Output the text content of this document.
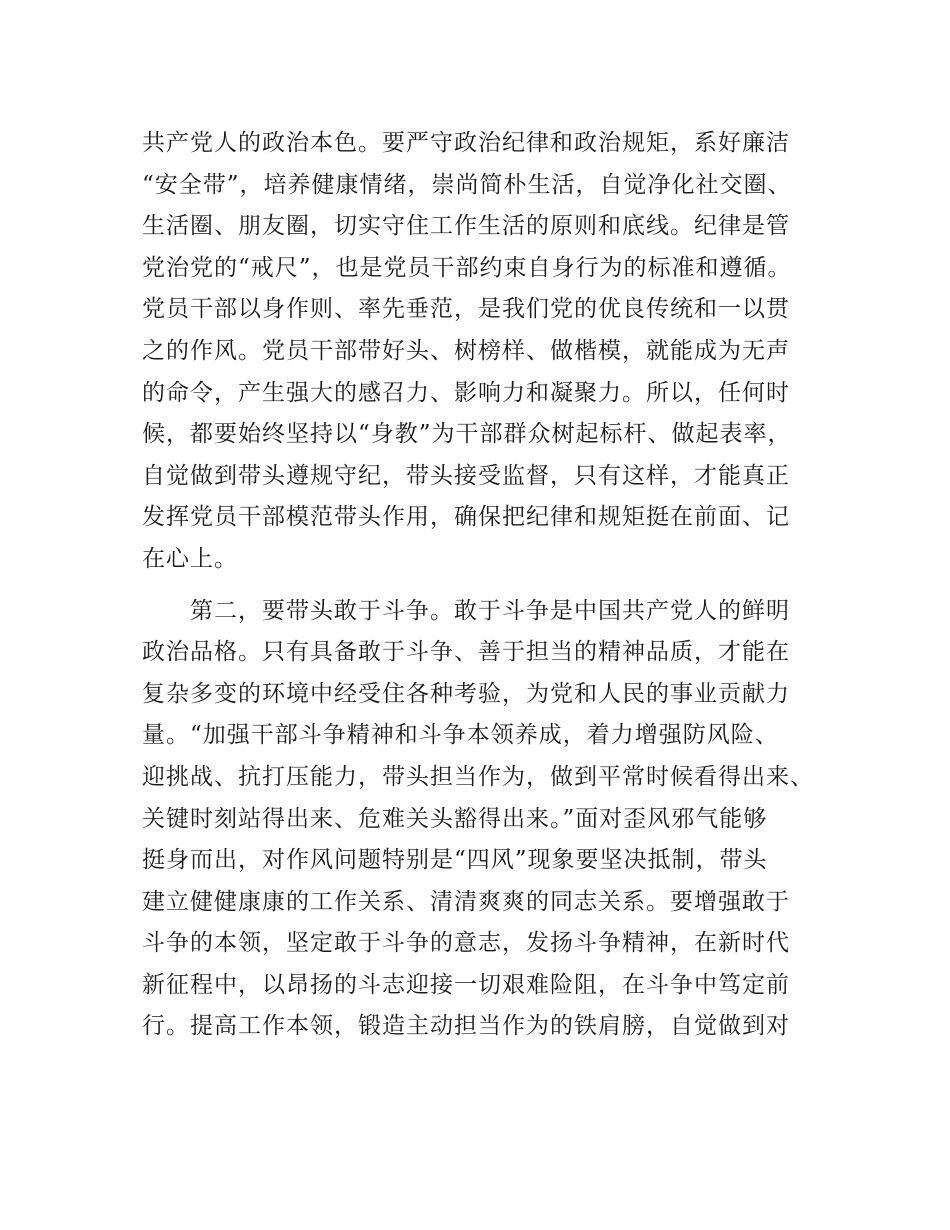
共产党人的政治本色。要严守政治纪律和政治规矩，系好廉洁
“安全带”，培养健康情绪，崇尚简朴生活，自觉净化社交圈、
生活圈、朋友圈，切实守住工作生活的原则和底线。纪律是管
党治党的“戒尺”，也是党员干部约束自身行为的标准和遵循。
党员干部以身作则、率先垂范，是我们党的优良传统和一以贯
之的作风。党员干部带好头、树榜样、做楷模，就能成为无声
的命令，产生强大的感召力、影响力和凝聚力。所以，任何时
候，都要始终坚持以“身教”为干部群众树起标杆、做起表率，
自觉做到带头遵规守纪，带头接受监督，只有这样，才能真正
发挥党员干部模范带头作用，确保把纪律和规矩挺在前面、记
在心上。
第二，要带头敢于斗争。敢于斗争是中国共产党人的鲜明
政治品格。只有具备敢于斗争、善于担当的精神品质，才能在
复杂多变的环境中经受住各种考验，为党和人民的事业贡献力
量。“加强干部斗争精神和斗争本领养成，着力增强防风险、
迎挑战、抗打压能力，带头担当作为，做到平常时候看得出来、
关键时刻站得出来、危难关头豁得出来。”面对歪风邪气能够
挺身而出，对作风问题特别是“四风”现象要坚决抵制，带头
建立健健康康的工作关系、清清爽爽的同志关系。要增强敢于
斗争的本领，坚定敢于斗争的意志，发扬斗争精神，在新时代
新征程中，以昂扬的斗志迎接一切艰难险阻，在斗争中笃定前
行。提高工作本领，锻造主动担当作为的铁肩膀，自觉做到对
